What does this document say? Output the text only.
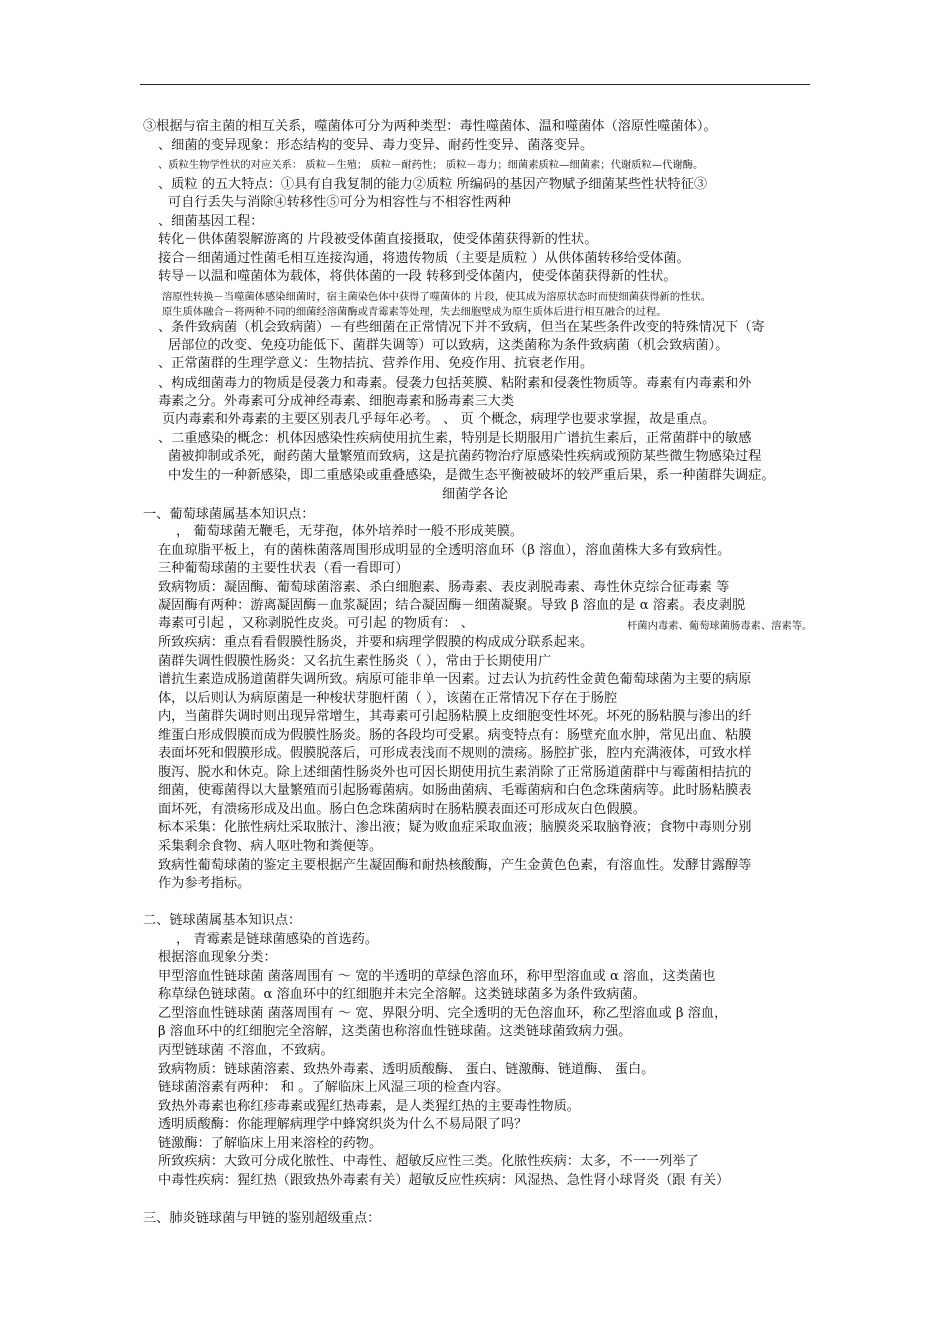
③根据与宿主菌的相互关系，噬菌体可分为两种类型：毒性噬菌体、温和噬菌体（溶原性噬菌体）。
、细菌的变异现象：形态结构的变异、毒力变异、耐药性变异、菌落变异。
、质粒生物学性状的对应关系： 质粒－生殖； 质粒－耐药性； 质粒－毒力；细菌素质粒—细菌素；代谢质粒—代谢酶。
、质粒 的五大特点：①具有自我复制的能力②质粒 所编码的基因产物赋予细菌某些性状特征③
可自行丢失与消除④转移性⑤可分为相容性与不相容性两种
、细菌基因工程：
转化－供体菌裂解游离的 片段被受体菌直接摄取，使受体菌获得新的性状。
接合－细菌通过性菌毛相互连接沟通，将遗传物质（主要是质粒 ）从供体菌转移给受体菌。
转导－以温和噬菌体为载体，将供体菌的一段 转移到受体菌内，使受体菌获得新的性状。
溶原性转换－当噬菌体感染细菌时，宿主菌染色体中获得了噬菌体的 片段，使其成为溶原状态时而使细菌获得新的性状。
原生质体融合－将两种不同的细菌经溶菌酶或青霉素等处理，失去细胞壁成为原生质体后进行相互融合的过程。
、条件致病菌（机会致病菌）－有些细菌在正常情况下并不致病，但当在某些条件改变的特殊情况下（寄
居部位的改变、免疫功能低下、菌群失调等）可以致病，这类菌称为条件致病菌（机会致病菌）。
、正常菌群的生理学意义：生物拮抗、营养作用、免疫作用、抗衰老作用。
、构成细菌毒力的物质是侵袭力和毒素。侵袭力包括荚膜、粘附素和侵袭性物质等。毒素有内毒素和外
毒素之分。外毒素可分成神经毒素、细胞毒素和肠毒素三大类
页内毒素和外毒素的主要区别表几乎每年必考。 、 页 个概念，病理学也要求掌握，故是重点。
、二重感染的概念：机体因感染性疾病使用抗生素，特别是长期服用广谱抗生素后，正常菌群中的敏感
菌被抑制或杀死，耐药菌大量繁殖而致病，这是抗菌药物治疗原感染性疾病或预防某些微生物感染过程
中发生的一种新感染，即二重感染或重叠感染，是微生态平衡被破坏的较严重后果，系一种菌群失调症。
细菌学各论
一、葡萄球菌属基本知识点：
， 葡萄球菌无鞭毛，无芽孢，体外培养时一般不形成荚膜。
在血琼脂平板上，有的菌株菌落周围形成明显的全透明溶血环（β 溶血），溶血菌株大多有致病性。
三种葡萄球菌的主要性状表（看一看即可）
致病物质：凝固酶、葡萄球菌溶素、杀白细胞素、肠毒素、表皮剥脱毒素、毒性休克综合征毒素 等
凝固酶有两种：游离凝固酶－血浆凝固；结合凝固酶－细菌凝聚。导致 β 溶血的是 α 溶素。表皮剥脱
毒素可引起 ，又称剥脱性皮炎。可引起 的物质有： 、	杆菌内毒素、葡萄球菌肠毒素、溶素等。
所致疾病：重点看看假膜性肠炎，并要和病理学假膜的构成成分联系起来。
菌群失调性假膜性肠炎：又名抗生素性肠炎（ ），常由于长期使用广
谱抗生素造成肠道菌群失调所致。病原可能非单一因素。过去认为抗药性金黄色葡萄球菌为主要的病原
体，以后则认为病原菌是一种梭状芽胞杆菌（ ），该菌在正常情况下存在于肠腔
内，当菌群失调时则出现异常增生，其毒素可引起肠粘膜上皮细胞变性坏死。坏死的肠粘膜与渗出的纤
维蛋白形成假膜而成为假膜性肠炎。肠的各段均可受累。病变特点有：肠壁充血水肿，常见出血、粘膜
表面坏死和假膜形成。假膜脱落后，可形成表浅而不规则的溃疡。肠腔扩张，腔内充满液体，可致水样
腹泻、脱水和休克。除上述细菌性肠炎外也可因长期使用抗生素消除了正常肠道菌群中与霉菌相拮抗的
细菌，使霉菌得以大量繁殖而引起肠霉菌病。如肠曲菌病、毛霉菌病和白色念珠菌病等。此时肠粘膜表
面坏死，有溃疡形成及出血。肠白色念珠菌病时在肠粘膜表面还可形成灰白色假膜。
标本采集：化脓性病灶采取脓汁、渗出液；疑为败血症采取血液；脑膜炎采取脑脊液；食物中毒则分别
采集剩余食物、病人呕吐物和粪便等。
致病性葡萄球菌的鉴定主要根据产生凝固酶和耐热核酸酶，产生金黄色色素，有溶血性。发酵甘露醇等
作为参考指标。
二、链球菌属基本知识点：
， 青霉素是链球菌感染的首选药。
根据溶血现象分类：
甲型溶血性链球菌 菌落周围有 ～ 宽的半透明的草绿色溶血环，称甲型溶血或 α 溶血，这类菌也
称草绿色链球菌。α 溶血环中的红细胞并未完全溶解。这类链球菌多为条件致病菌。
乙型溶血性链球菌 菌落周围有 ～ 宽、界限分明、完全透明的无色溶血环，称乙型溶血或 β 溶血，
β 溶血环中的红细胞完全溶解，这类菌也称溶血性链球菌。这类链球菌致病力强。
丙型链球菌 不溶血，不致病。
致病物质：链球菌溶素、致热外毒素、透明质酸酶、 蛋白、链激酶、链道酶、 蛋白。
链球菌溶素有两种： 和 。了解临床上风湿三项的检查内容。
致热外毒素也称红疹毒素或猩红热毒素，是人类猩红热的主要毒性物质。
透明质酸酶：你能理解病理学中蜂窝织炎为什么不易局限了吗？
链激酶：了解临床上用来溶栓的药物。
所致疾病：大致可分成化脓性、中毒性、超敏反应性三类。化脓性疾病：太多，不一一列举了
中毒性疾病：猩红热（跟致热外毒素有关）超敏反应性疾病：风湿热、急性肾小球肾炎（跟 有关）
三、肺炎链球菌与甲链的鉴别超级重点：
